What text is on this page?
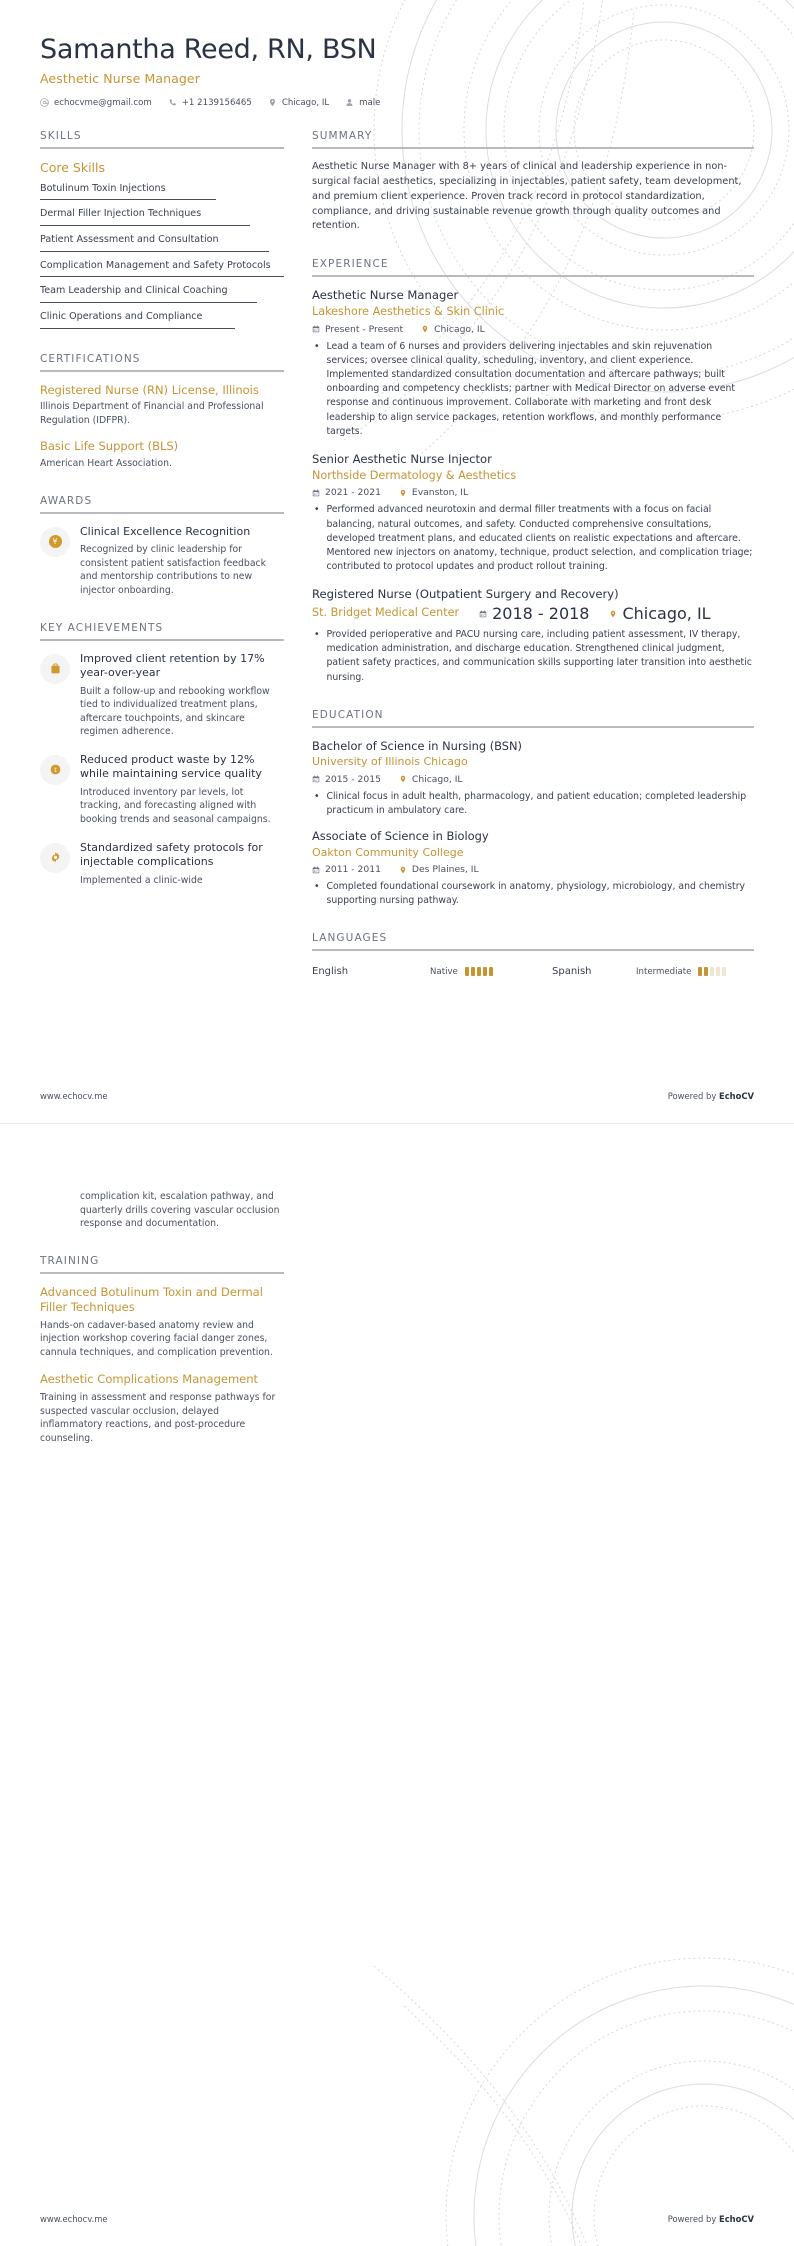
Samantha Reed, RN, BSN
Aesthetic Nurse Manager
echocvme@gmail.com	+1 2139156465	Chicago, IL	male
SKILLS
Core Skills
Botulinum Toxin Injections
Dermal Filler Injection Techniques
Patient Assessment and Consultation
Complication Management and Safety Protocols
Team Leadership and Clinical Coaching
Clinic Operations and Compliance
CERTIFICATIONS
Registered Nurse (RN) License, Illinois
Illinois Department of Financial and Professional Regulation (IDFPR).
Basic Life Support (BLS)
American Heart Association.
AWARDS
¥
Clinical Excellence Recognition
Recognized by clinic leadership for consistent patient satisfaction feedback and mentorship contributions to new injector onboarding.
KEY ACHIEVEMENTS
Improved client retention by 17% year-over-year
Built a follow-up and rebooking workflow tied to individualized treatment plans, aftercare touchpoints, and skincare regimen adherence.
t
Reduced product waste by 12% while maintaining service quality
Introduced inventory par levels, lot tracking, and forecasting aligned with booking trends and seasonal campaigns.
Standardized safety protocols for injectable complications
Implemented a clinic-wide
SUMMARY
Aesthetic Nurse Manager with 8+ years of clinical and leadership experience in non-surgical facial aesthetics, specializing in injectables, patient safety, team development, and premium client experience. Proven track record in protocol standardization, compliance, and driving sustainable revenue growth through quality outcomes and retention.
EXPERIENCE
Aesthetic Nurse Manager
Lakeshore Aesthetics & Skin Clinic
Present - Present	Chicago, IL
• Lead a team of 6 nurses and providers delivering injectables and skin rejuvenation services; oversee clinical quality, scheduling, inventory, and client experience. Implemented standardized consultation documentation and aftercare pathways; built onboarding and competency checklists; partner with Medical Director on adverse event response and continuous improvement. Collaborate with marketing and front desk leadership to align service packages, retention workflows, and monthly performance targets.
Senior Aesthetic Nurse Injector
Northside Dermatology & Aesthetics
2021 - 2021	Evanston, IL
• Performed advanced neurotoxin and dermal filler treatments with a focus on facial balancing, natural outcomes, and safety. Conducted comprehensive consultations, developed treatment plans, and educated clients on realistic expectations and aftercare. Mentored new injectors on anatomy, technique, product selection, and complication triage; contributed to protocol updates and product rollout training.
Registered Nurse (Outpatient Surgery and Recovery)
St. Bridget Medical Center 2018 - 2018 Chicago, IL
• Provided perioperative and PACU nursing care, including patient assessment, IV therapy, medication administration, and discharge education. Strengthened clinical judgment, patient safety practices, and communication skills supporting later transition into aesthetic nursing.
EDUCATION
Bachelor of Science in Nursing (BSN)
University of Illinois Chicago
2015 - 2015	Chicago, IL
• Clinical focus in adult health, pharmacology, and patient education; completed leadership practicum in ambulatory care.
Associate of Science in Biology
Oakton Community College
2011 - 2011	Des Plaines, IL
• Completed foundational coursework in anatomy, physiology, microbiology, and chemistry supporting nursing pathway.
LANGUAGES
English	Native	Spanish	Intermediate
www.echocv.me	Powered by EchoCV
complication kit, escalation pathway, and quarterly drills covering vascular occlusion response and documentation.
TRAINING
Advanced Botulinum Toxin and Dermal Filler Techniques
Hands-on cadaver-based anatomy review and injection workshop covering facial danger zones, cannula techniques, and complication prevention.
Aesthetic Complications Management
Training in assessment and response pathways for suspected vascular occlusion, delayed inflammatory reactions, and post-procedure counseling.
www.echocv.me	Powered by EchoCV
